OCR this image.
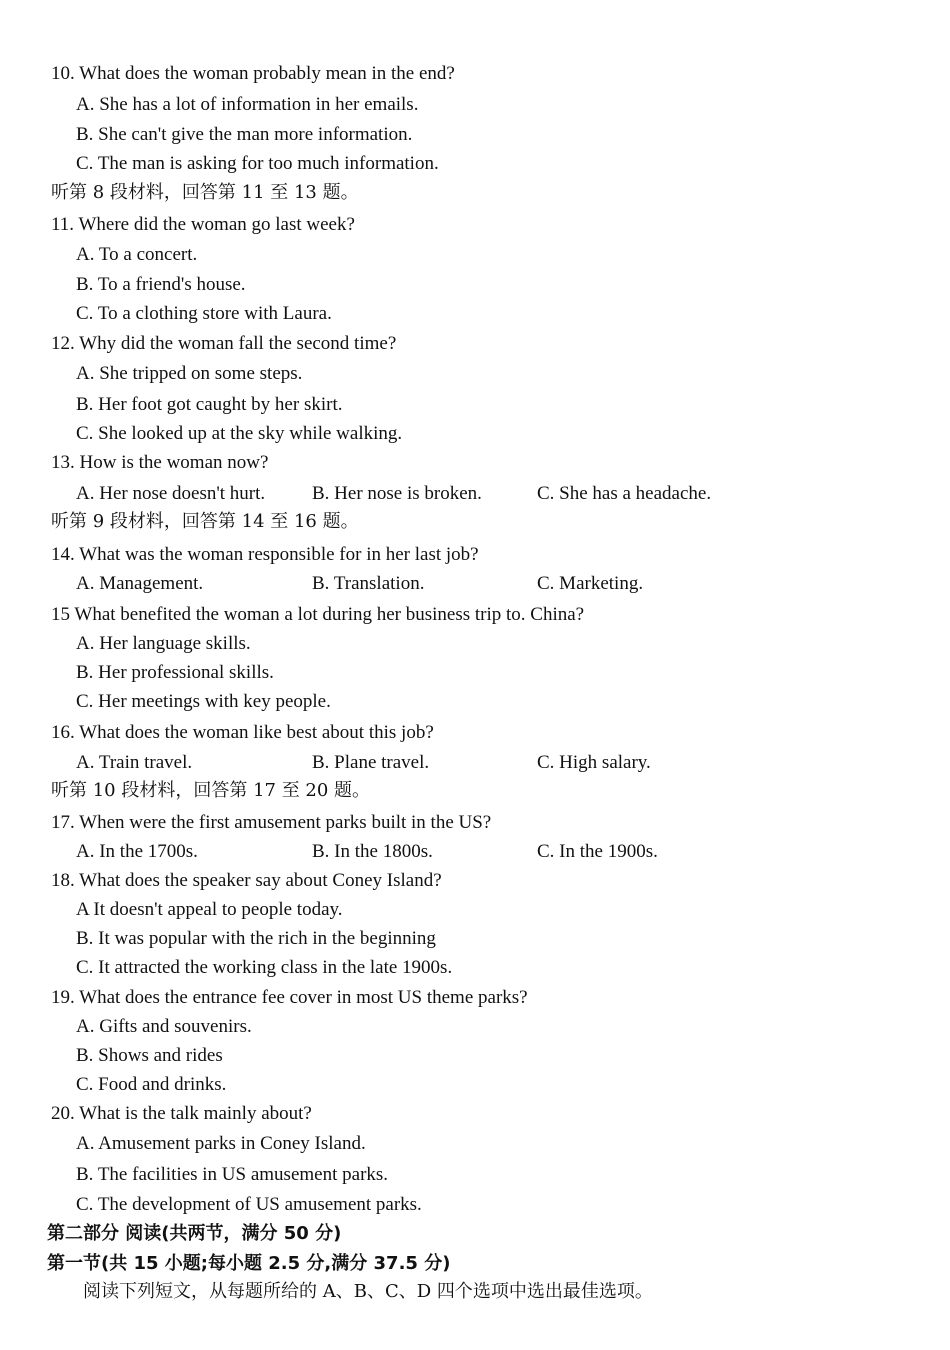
10. What does the woman probably mean in the end?
A. She has a lot of information in her emails.
B. She can't give the man more information.
C. The man is asking for too much information.
听第 8 段材料，回答第 11 至 13 题。
11. Where did the woman go last week?
A. To a concert.
B. To a friend's house.
C. To a clothing store with Laura.
12. Why did the woman fall the second time?
A. She tripped on some steps.
B. Her foot got caught by her skirt.
C. She looked up at the sky while walking.
13. How is the woman now?
A. Her nose doesn't hurt. B. Her nose is broken.	C. She has a headache.
听第 9 段材料，回答第 14 至 16 题。
14. What was the woman responsible for in her last job?
A. Management.	B. Translation.	C. Marketing.
15 What benefited the woman a lot during her business trip to. China?
A. Her language skills.
B. Her professional skills.
C. Her meetings with key people.
16. What does the woman like best about this job?
A. Train travel.	B. Plane travel.	C. High salary.
听第 10 段材料，回答第 17 至 20 题。
17. When were the first amusement parks built in the US?
A. In the 1700s.	B. In the 1800s.	C. In the 1900s.
18. What does the speaker say about Coney Island?
A It doesn't appeal to people today.
B. It was popular with the rich in the beginning
C. It attracted the working class in the late 1900s.
19. What does the entrance fee cover in most US theme parks?
A. Gifts and souvenirs.
B. Shows and rides
C. Food and drinks.
20. What is the talk mainly about?
A. Amusement parks in Coney Island.
B. The facilities in US amusement parks.
C. The development of US amusement parks.
第二部分 阅读(共两节，满分 50 分)
第一节(共 15 小题;每小题 2.5 分,满分 37.5 分)
阅读下列短文，从每题所给的 A、B、C、D 四个选项中选出最佳选项。
